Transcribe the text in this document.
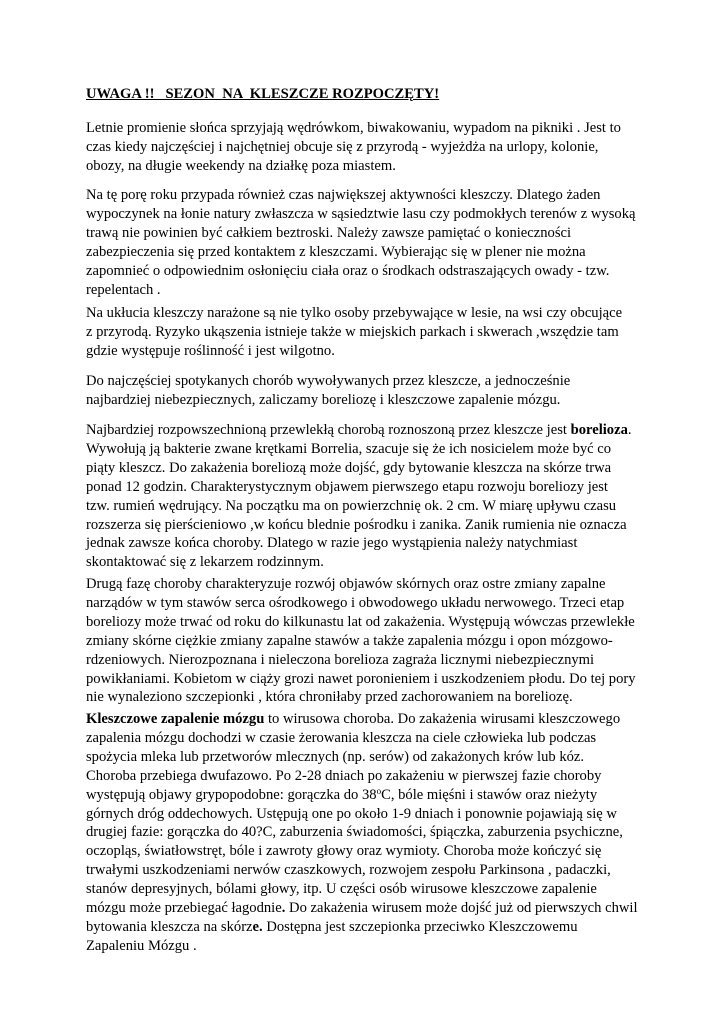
UWAGA !!   SEZON  NA  KLESZCZE ROZPOCZĘTY!

Letnie promienie słońca sprzyjają wędrówkom, biwakowaniu, wypadom na pikniki . Jest to
czas kiedy najczęściej i najchętniej obcuje się z przyrodą - wyjeżdża na urlopy, kolonie,
obozy, na długie weekendy na działkę poza miastem.

Na tę porę roku przypada również czas największej aktywności kleszczy. Dlatego żaden
wypoczynek na łonie natury zwłaszcza w sąsiedztwie lasu czy podmokłych terenów z wysoką
trawą nie powinien być całkiem beztroski. Należy zawsze pamiętać o konieczności
zabezpieczenia się przed kontaktem z kleszczami. Wybierając się w plener nie można
zapomnieć o odpowiednim osłonięciu ciała oraz o środkach odstraszających owady - tzw.
repelentach .

Na ukłucia kleszczy narażone są nie tylko osoby przebywające w lesie, na wsi czy obcujące
z przyrodą. Ryzyko ukąszenia istnieje także w miejskich parkach i skwerach ,wszędzie tam
gdzie występuje roślinność i jest wilgotno.

Do najczęściej spotykanych chorób wywoływanych przez kleszcze, a jednocześnie
najbardziej niebezpiecznych, zaliczamy boreliozę i kleszczowe zapalenie mózgu.

Najbardziej rozpowszechnioną przewlekłą chorobą roznoszoną przez kleszcze jest borelioza.
Wywołują ją bakterie zwane krętkami Borrelia, szacuje się że ich nosicielem może być co
piąty kleszcz. Do zakażenia boreliozą może dojść, gdy bytowanie kleszcza na skórze trwa
ponad 12 godzin. Charakterystycznym objawem pierwszego etapu rozwoju boreliozy jest
tzw. rumień wędrujący. Na początku ma on powierzchnię ok. 2 cm. W miarę upływu czasu
rozszerza się pierścieniowo ,w końcu blednie pośrodku i zanika. Zanik rumienia nie oznacza
jednak zawsze końca choroby. Dlatego w razie jego wystąpienia należy natychmiast
skontaktować się z lekarzem rodzinnym.

Drugą fazę choroby charakteryzuje rozwój objawów skórnych oraz ostre zmiany zapalne
narządów w tym stawów serca ośrodkowego i obwodowego układu nerwowego. Trzeci etap
boreliozy może trwać od roku do kilkunastu lat od zakażenia. Występują wówczas przewlekłe
zmiany skórne ciężkie zmiany zapalne stawów a także zapalenia mózgu i opon mózgowo-
rdzeniowych. Nierozpoznana i nieleczona borelioza zagraża licznymi niebezpiecznymi
powikłaniami. Kobietom w ciąży grozi nawet poronieniem i uszkodzeniem płodu. Do tej pory
nie wynaleziono szczepionki , która chroniłaby przed zachorowaniem na boreliozę.

Kleszczowe zapalenie mózgu to wirusowa choroba. Do zakażenia wirusami kleszczowego
zapalenia mózgu dochodzi w czasie żerowania kleszcza na ciele człowieka lub podczas
spożycia mleka lub przetworów mlecznych (np. serów) od zakażonych krów lub kóz.
Choroba przebiega dwufazowo. Po 2-28 dniach po zakażeniu w pierwszej fazie choroby
występują objawy grypopodobne: gorączka do 38$^o$C, bóle mięśni i stawów oraz nieżyty
górnych dróg oddechowych. Ustępują one po około 1-9 dniach i ponownie pojawiają się w
drugiej fazie: gorączka do 40?C, zaburzenia świadomości, śpiączka, zaburzenia psychiczne,
oczopląs, światłowstręt, bóle i zawroty głowy oraz wymioty. Choroba może kończyć się
trwałymi uszkodzeniami nerwów czaszkowych, rozwojem zespołu Parkinsona , padaczki,
stanów depresyjnych, bólami głowy, itp. U części osób wirusowe kleszczowe zapalenie
mózgu może przebiegać łagodnie. Do zakażenia wirusem może dojść już od pierwszych chwil
bytowania kleszcza na skórze. Dostępna jest szczepionka przeciwko Kleszczowemu
Zapaleniu Mózgu .
